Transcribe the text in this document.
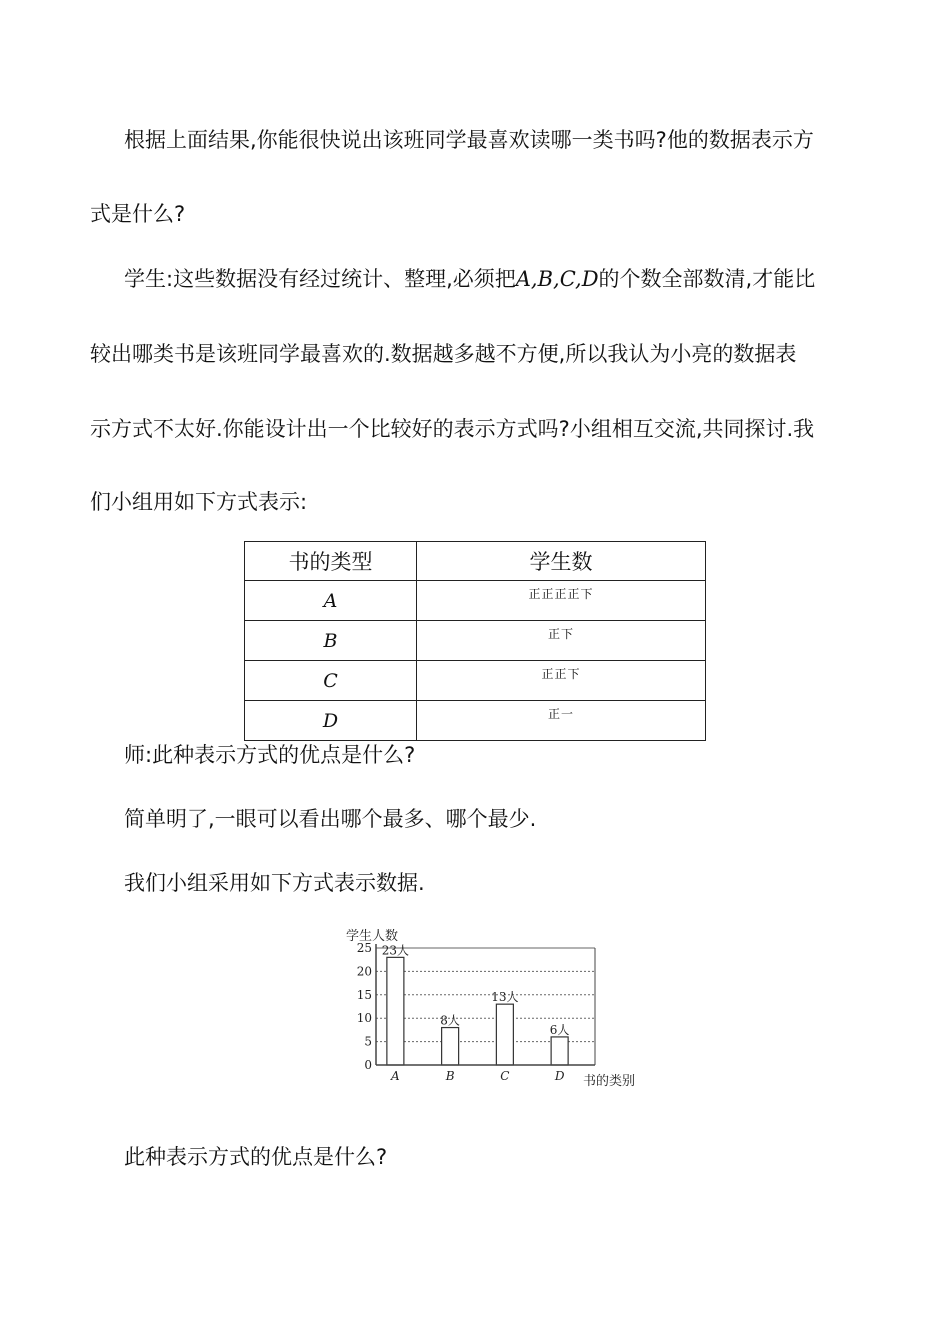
根据上面结果,你能很快说出该班同学最喜欢读哪一类书吗?他的数据表示方
式是什么?
学生:这些数据没有经过统计、整理,必须把A,B,C,D的个数全部数清,才能比
较出哪类书是该班同学最喜欢的.数据越多越不方便,所以我认为小亮的数据表
示方式不太好.你能设计出一个比较好的表示方式吗?小组相互交流,共同探讨.我
们小组用如下方式表示:
书的类型	学生数
A	正正正正下
B	正下
C	正正下
D	正一
师:此种表示方式的优点是什么?
简单明了,一眼可以看出哪个最多、哪个最少.
我们小组采用如下方式表示数据.
学生人数
书的类别
0
5
10
15
20
25
A	B	C	D
23人
8人
13人
6人
此种表示方式的优点是什么?
